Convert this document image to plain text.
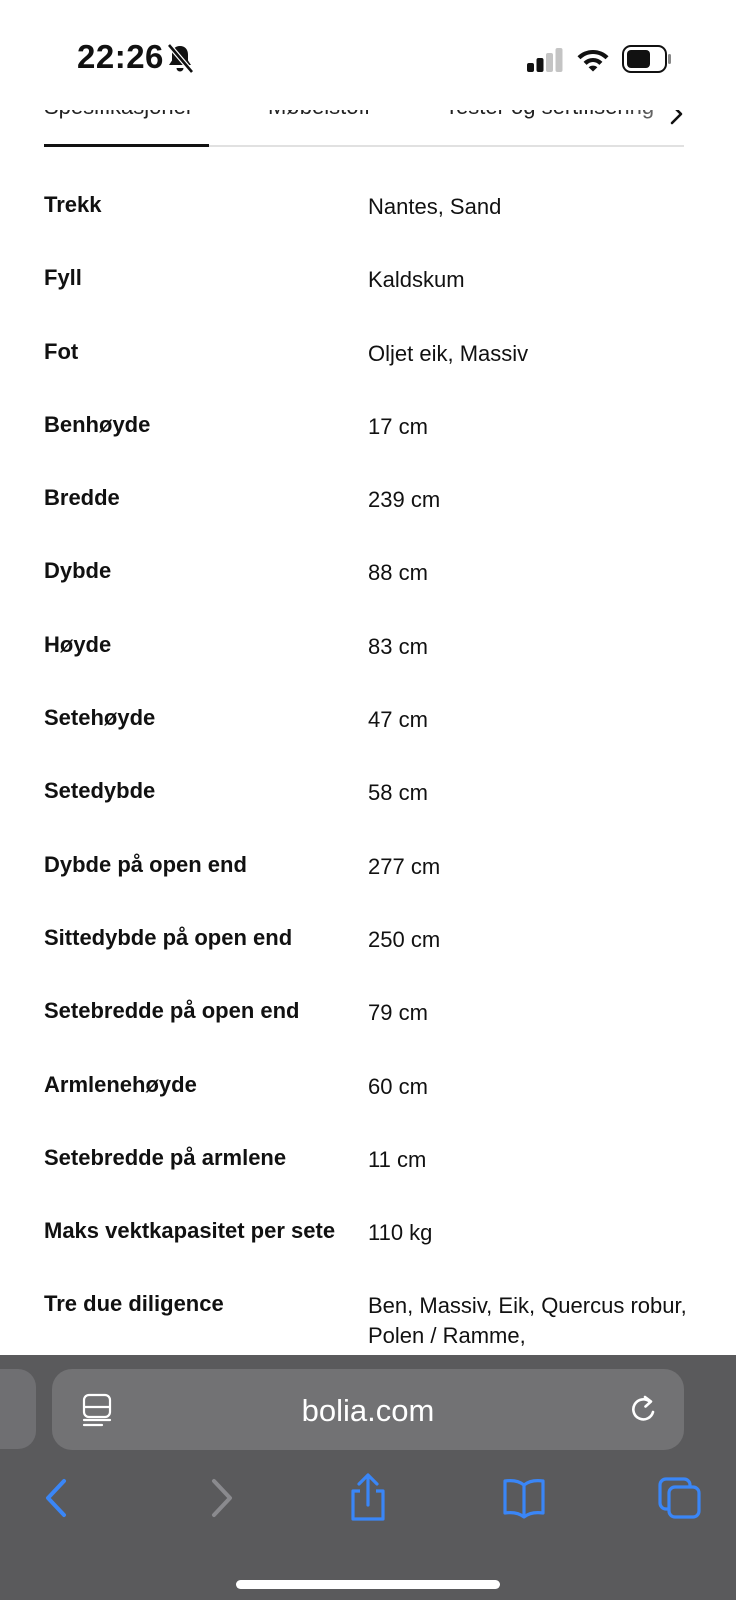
22:26
Trekk	Nantes, Sand
Fyll	Kaldskum
Fot	Oljet eik, Massiv
Benhøyde	17 cm
Bredde	239 cm
Dybde	88 cm
Høyde	83 cm
Setehøyde	47 cm
Setedybde	58 cm
Dybde på open end	277 cm
Sittedybde på open end	250 cm
Setebredde på open end	79 cm
Armlenehøyde	60 cm
Setebredde på armlene	11 cm
Maks vektkapasitet per sete 110 kg
Tre due diligence	Ben, Massiv, Eik, Quercus robur, Polen / Ramme,
bolia.com
